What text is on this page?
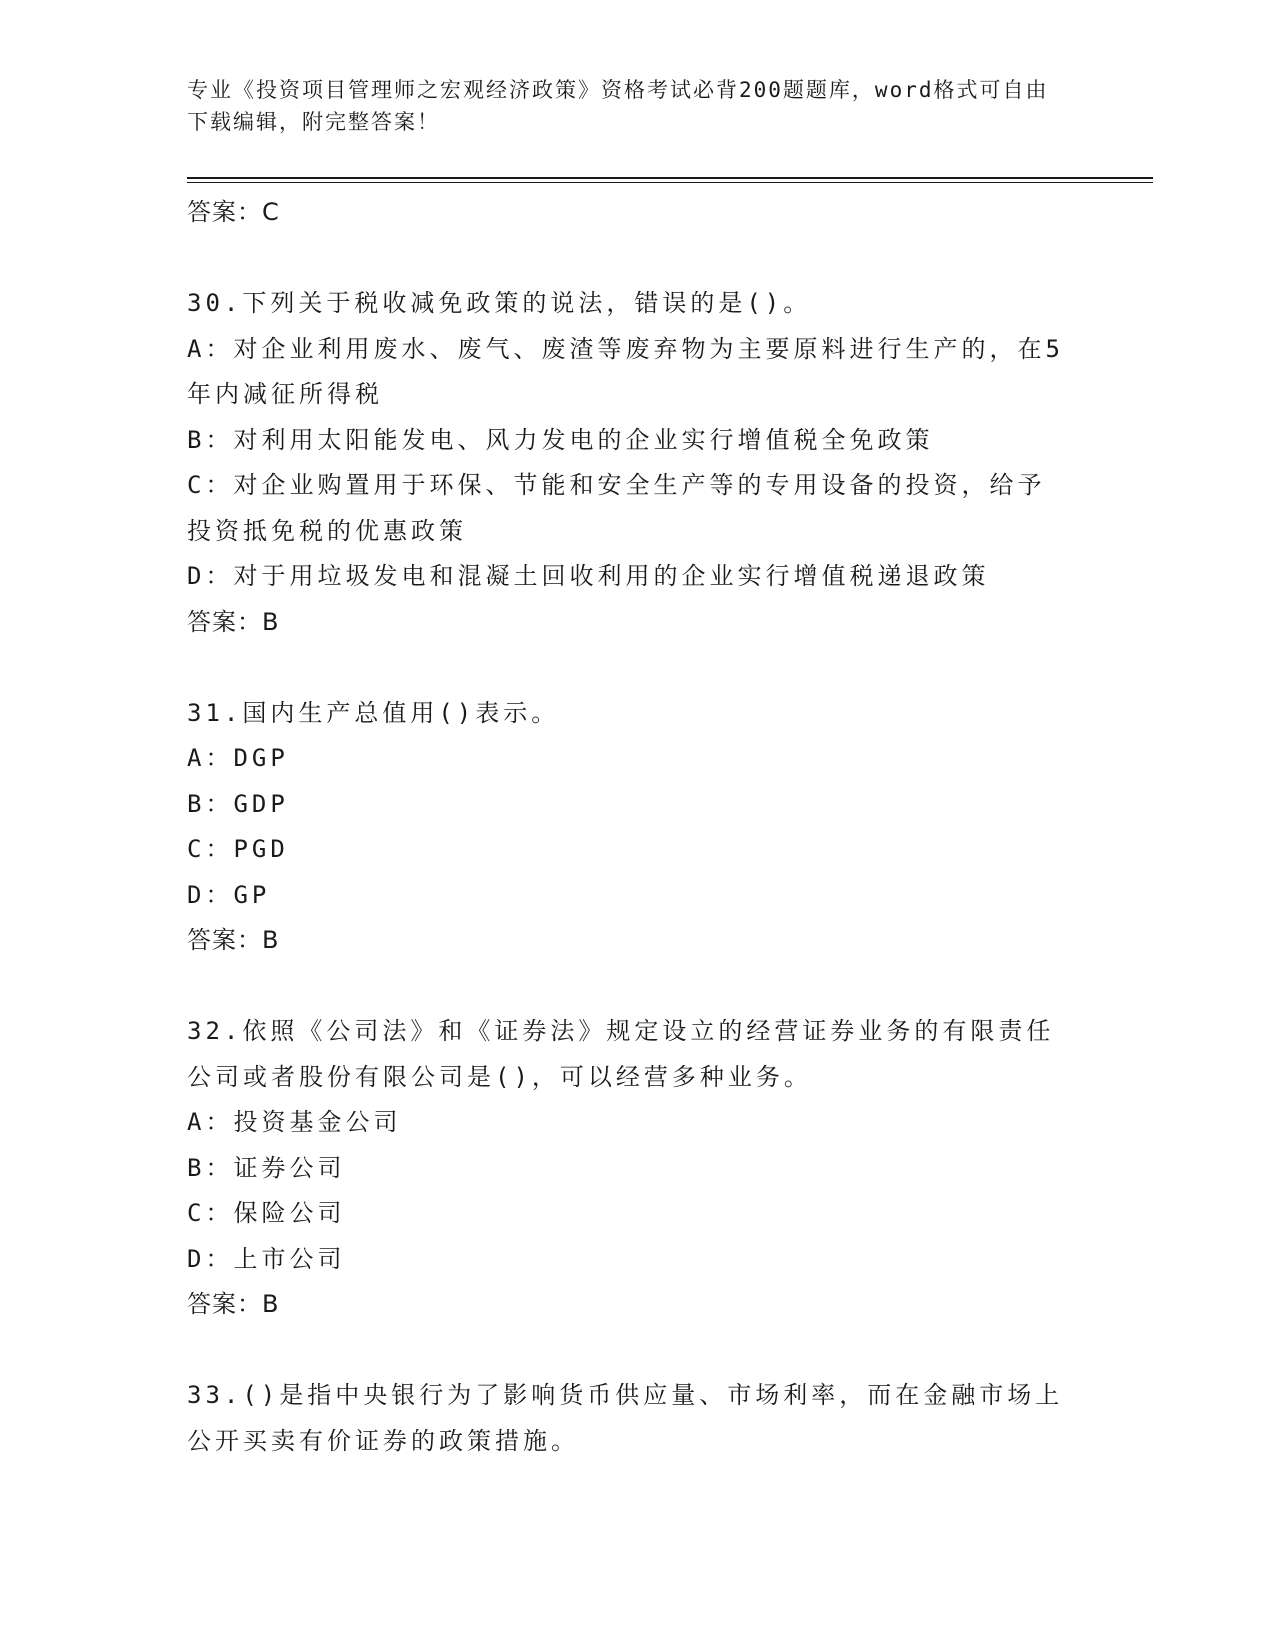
专业《投资项目管理师之宏观经济政策》资格考试必背200题题库，word格式可自由下载编辑，附完整答案！
答案：C
30.下列关于税收减免政策的说法，错误的是()。
A：对企业利用废水、废气、废渣等废弃物为主要原料进行生产的，在5年内减征所得税
B：对利用太阳能发电、风力发电的企业实行增值税全免政策
C：对企业购置用于环保、节能和安全生产等的专用设备的投资，给予投资抵免税的优惠政策
D：对于用垃圾发电和混凝土回收利用的企业实行增值税递退政策
答案：B
31.国内生产总值用()表示。
A：DGP
B：GDP
C：PGD
D：GP
答案：B
32.依照《公司法》和《证券法》规定设立的经营证券业务的有限责任公司或者股份有限公司是()，可以经营多种业务。
A：投资基金公司
B：证券公司
C：保险公司
D：上市公司
答案：B
33.()是指中央银行为了影响货币供应量、市场利率，而在金融市场上公开买卖有价证券的政策措施。
